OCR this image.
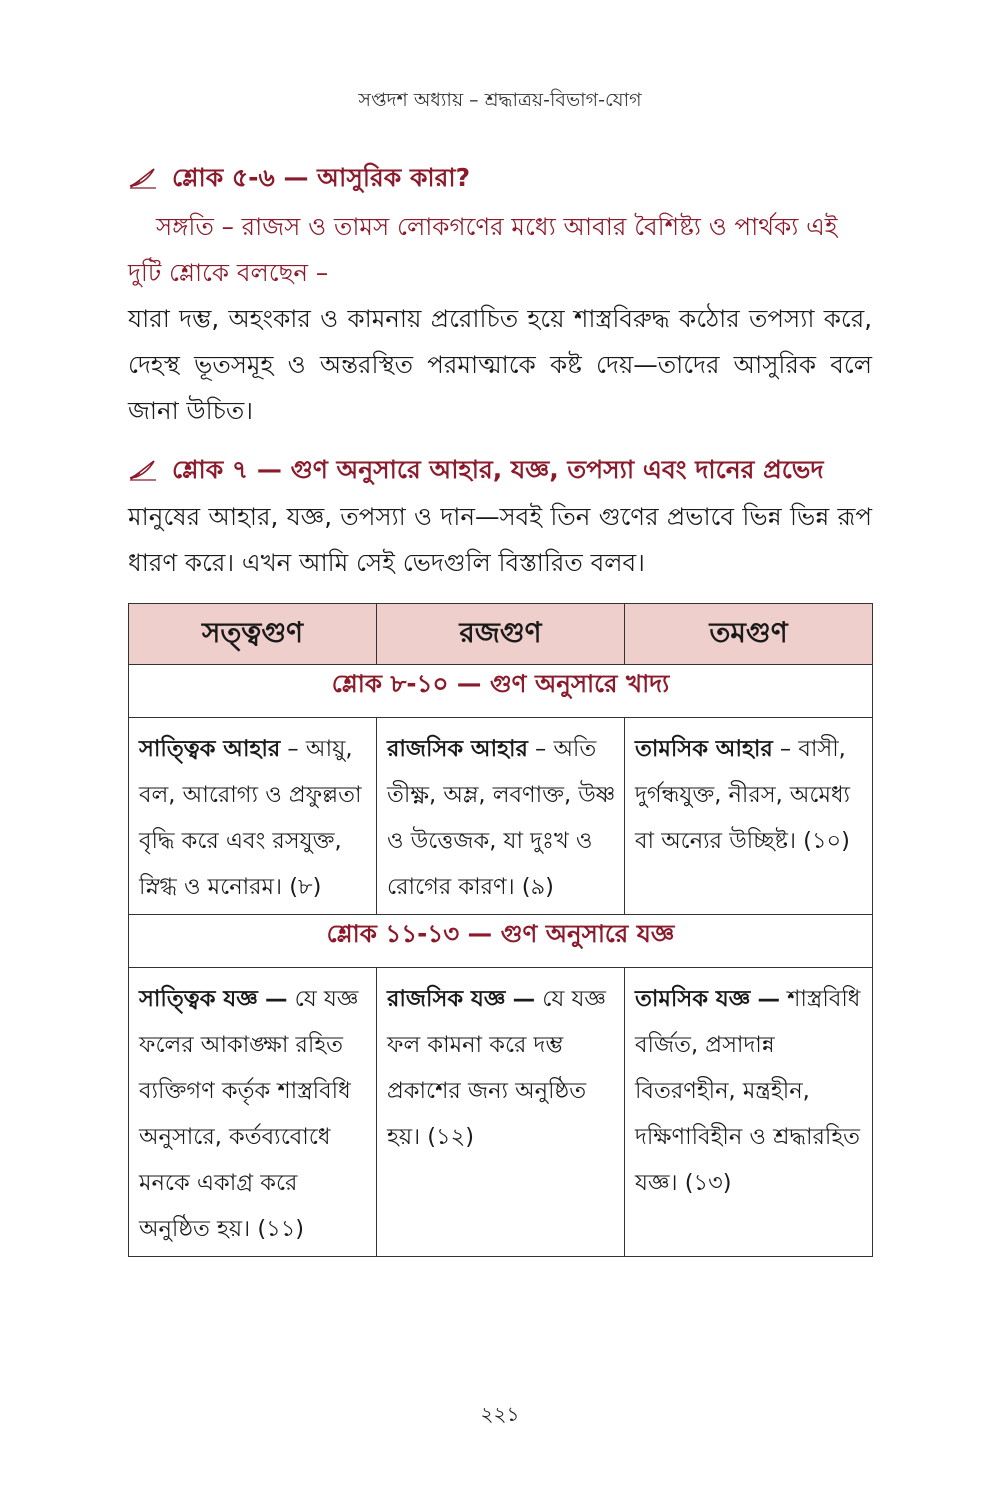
সপ্তদশ অধ্যায় – শ্রদ্ধাত্রয়-বিভাগ-যোগ
শ্লোক ৫-৬ — আসুরিক কারা?

সঙ্গতি – রাজস ও তামস লোকগণের মধ্যে আবার বৈশিষ্ট্য ও পার্থক্য এই

দুটি শ্লোকে বলছেন –

যারা দম্ভ, অহংকার ও কামনায় প্ররোচিত হয়ে শাস্ত্রবিরুদ্ধ কঠোর তপস্যা করে, দেহস্থ ভূতসমূহ ও অন্তরস্থিত পরমাত্মাকে কষ্ট দেয়—তাদের আসুরিক বলে জানা উচিত।

শ্লোক ৭ — গুণ অনুসারে আহার, যজ্ঞ, তপস্যা এবং দানের প্রভেদ

মানুষের আহার, যজ্ঞ, তপস্যা ও দান—সবই তিন গুণের প্রভাবে ভিন্ন ভিন্ন রূপ ধারণ করে। এখন আমি সেই ভেদগুলি বিস্তারিত বলব।

সত্ত্বগুণ	রজগুণ	তমগুণ
শ্লোক ৮-১০ — গুণ অনুসারে খাদ্য		
সাত্ত্বিক আহার – আয়ু, বল, আরোগ্য ও প্রফুল্লতা বৃদ্ধি করে এবং রসযুক্ত, স্নিগ্ধ ও মনোরম। (৮)	রাজসিক আহার – অতি তীক্ষ্ণ, অম্ল, লবণাক্ত, উষ্ণ ও উত্তেজক, যা দুঃখ ও রোগের কারণ। (৯)	তামসিক আহার – বাসী, দুর্গন্ধযুক্ত, নীরস, অমেধ্য বা অন্যের উচ্ছিষ্ট। (১০)
শ্লোক ১১-১৩ — গুণ অনুসারে যজ্ঞ		
সাত্ত্বিক যজ্ঞ — যে যজ্ঞ ফলের আকাঙ্ক্ষা রহিত ব্যক্তিগণ কর্তৃক শাস্ত্রবিধি অনুসারে, কর্তব্যবোধে মনকে একাগ্র করে অনুষ্ঠিত হয়। (১১)	রাজসিক যজ্ঞ — যে যজ্ঞ ফল কামনা করে দম্ভ প্রকাশের জন্য অনুষ্ঠিত হয়। (১২)	তামসিক যজ্ঞ — শাস্ত্রবিধি বর্জিত, প্রসাদান্ন বিতরণহীন, মন্ত্রহীন, দক্ষিণাবিহীন ও শ্রদ্ধারহিত যজ্ঞ। (১৩)
২২১
